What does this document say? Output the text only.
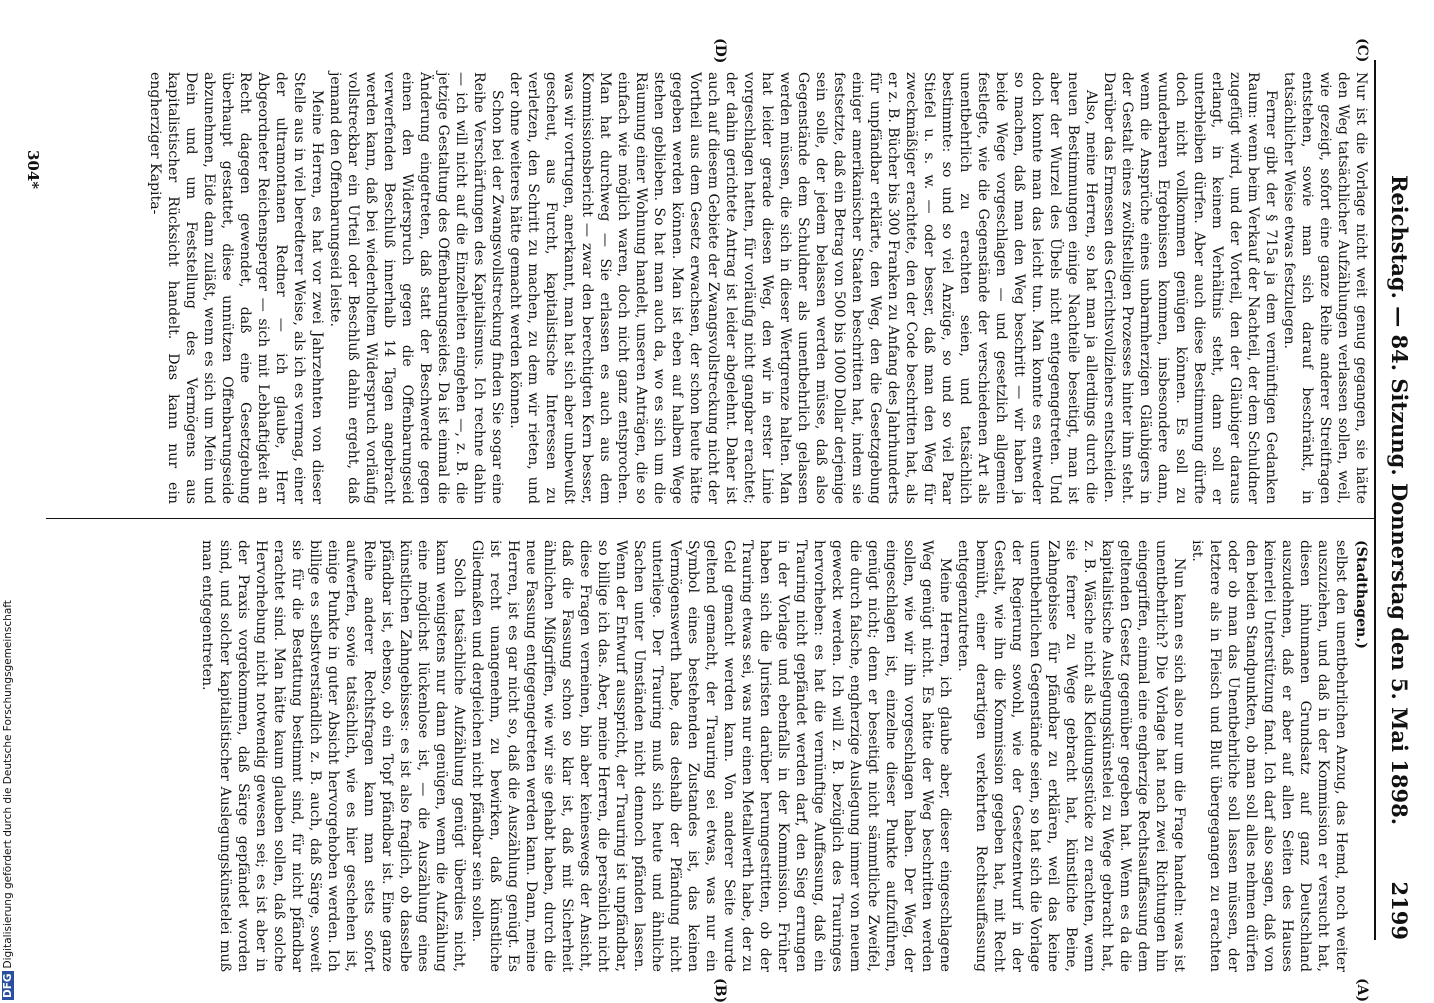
Reichstag. — 84. Sitzung. Donnerstag den 5. Mai 1898.
2199
(C)
(D)
(A)
(B)

Nur ist die Vorlage nicht weit genug gegangen, sie hätte den Weg tatsächlicher Aufzählungen verlassen sollen, weil, wie gezeigt, sofort eine ganze Reihe anderer Streitfragen entstehen, sowie man sich darauf beschränkt, in tatsächlicher Weise etwas festzulegen.

Ferner gibt der § 715a ja dem vernünftigen Gedanken Raum: wenn beim Verkauf der Nachteil, der dem Schuldner zugefügt wird, und der Vorteil, den der Gläubiger daraus erlangt, in keinem Verhältnis steht, dann soll er unterbleiben dürfen. Aber auch diese Bestimmung dürfte doch nicht vollkommen genügen können. Es soll zu wunderbaren Ergebnissen kommen, insbesondere dann, wenn die Ansprüche eines unbarmherzigen Gläubigers in der Gestalt eines zwölfstelligen Prozesses hinter ihm steht. Darüber das Ermessen des Gerichtsvollziehers entscheiden.

Also, meine Herren, so hat man ja allerdings durch die neuen Bestimmungen einige Nachteile beseitigt, man ist aber der Wurzel des Übels nicht entgegengetreten. Und doch konnte man das leicht tun. Man konnte es entweder so machen, daß man den Weg beschritt — wir haben ja beide Wege vorgeschlagen — und gesetzlich allgemein festlegte, wie die Gegenstände der verschiedenen Art als unentbehrlich zu erachten seien, und tatsächlich bestimmte: so und so viel Anzüge, so und so viel Paar Stiefel u. s. w. — oder besser, daß man den Weg für zweckmäßiger erachtete, den der Code beschritten hat, als er z. B. Bücher bis 300 Franken zu Anfang des Jahrhunderts für unpfändbar erklärte, den Weg, den die Gesetzgebung einiger amerikanischer Staaten beschritten hat, indem sie festsetzte, daß ein Betrag von 500 bis 1000 Dollar derjenige sein solle, der jedem belassen werden müsse, daß also Gegenstände dem Schuldner als unentbehrlich gelassen werden müssen, die sich in dieser Wertgrenze halten. Man hat leider gerade diesen Weg, den wir in erster Linie vorgeschlagen hatten, für vorläufig nicht gangbar erachtet; der dahin gerichtete Antrag ist leider abgelehnt. Daher ist auch auf diesem Gebiete der Zwangsvollstreckung nicht der Vortheil aus dem Gesetz erwachsen, der schon heute hätte gegeben werden können. Man ist eben auf halbem Wege stehen geblieben. So hat man auch da, wo es sich um die Räumung einer Wohnung handelt, unseren Anträgen, die so einfach wie möglich waren, doch nicht ganz entsprochen. Man hat durchweg — Sie erlassen es auch aus dem Kommissionsbericht — zwar den berechtigten Kern besser, was wir vortrugen, anerkannt, man hat sich aber unbewußt gescheut, aus Furcht, kapitalistische Interessen zu verletzen, den Schritt zu machen, zu dem wir rieten, und der ohne weiteres hätte gemacht werden können.

Schon bei der Zwangsvollstreckung finden Sie sogar eine Reihe Verschärfungen des Kapitalismus. Ich rechne dahin — ich will nicht auf die Einzelheiten eingehen —, z. B. die jetzige Gestaltung des Offenbarungseides. Da ist einmal die Änderung eingetreten, daß statt der Beschwerde gegen einen den Widerspruch gegen die Offenbarungseid verwerfenden Beschluß innerhalb 14 Tagen angebracht werden kann, daß bei wiederholtem Widerspruch vorläufig vollstreckbar ein Urteil oder Beschluß dahin ergeht, daß jemand den Offenbarungseid leiste.

Meine Herren, es hat vor zwei Jahrzehnten von dieser Stelle aus in viel beredterer Weise, als ich es vermag, einer der ultramontanen Redner — ich glaube, Herr Abgeordneter Reichensperger — sich mit Lebhaftigkeit an Recht dagegen gewendet, daß eine Gesetzgebung überhaupt gestattet, diese unnützen Offenbarungseide abzunehmen, Eide dann zuläßt, wenn es sich um Mein und Dein und um Feststellung des Vermögens aus kapitalistischer Rücksicht handelt. Das kann nur ein engherziger Kapita-

(Stadthagen.)

selbst den unentbehrlichen Anzug, das Hemd, noch weiter auszuziehen, und daß in der Kommission er versucht hat, diesen inhumanen Grundsatz auf ganz Deutschland auszudehnen, daß er aber auf allen Seiten des Hauses keinerlei Unterstützung fand. Ich darf also sagen, daß von den beiden Standpunkten, ob man soll alles nehmen dürfen oder ob man das Unentbehrliche soll lassen müssen, der letztere als in Fleisch und Blut übergegangen zu erachten ist.

Nun kann es sich also nur um die Frage handeln: was ist unentbehrlich? Die Vorlage hat nach zwei Richtungen hin eingegriffen, einmal eine engherzige Rechtsauffassung dem geltenden Gesetz gegenüber gegeben hat. Wenn es da die kapitalistische Auslegungskünstelei zu Wege gebracht hat, z. B. Wäsche nicht als Kleidungsstücke zu erachten, wenn sie ferner zu Wege gebracht hat, künstliche Beine, Zahngebisse für pfändbar zu erklären, weil das keine unentbehrlichen Gegenstände seien, so hat sich die Vorlage der Regierung sowohl, wie der Gesetzentwurf in der Gestalt, wie ihn die Kommission gegeben hat, mit Recht bemüht, einer derartigen verkehrten Rechtsauffassung entgegenzutreten.

Meine Herren, ich glaube aber, dieser eingeschlagene Weg genügt nicht. Es hätte der Weg beschritten werden sollen, wie wir ihn vorgeschlagen haben. Der Weg, der eingeschlagen ist, einzelne dieser Punkte aufzuführen, genügt nicht; denn er beseitigt nicht sämmtliche Zweifel, die durch falsche, engherzige Auslegung immer von neuem geweckt werden. Ich will z. B. bezüglich des Trauringes hervorheben: es hat die vernünftige Auffassung, daß ein Trauring nicht gepfändet werden darf, den Sieg errungen in der Vorlage und ebenfalls in der Kommission. Früher haben sich die Juristen darüber herumgestritten, ob der Trauring etwas sei, was nur einen Metallwerth habe, der zu Geld gemacht werden kann. Von anderer Seite wurde geltend gemacht, der Trauring sei etwas, was nur ein Symbol eines bestehenden Zustandes ist, das keinen Vermögenswerth habe, das deshalb der Pfändung nicht unterliege. Der Trauring muß sich heute und ähnliche Sachen unter Umständen nicht dennoch pfänden lassen. Wenn der Entwurf ausspricht, der Trauring ist unpfändbar, so billige ich das. Aber, meine Herren, die persönlich nicht diese Fragen verneinen, bin aber keineswegs der Ansicht, daß die Fassung schon so klar ist, daß mit Sicherheit ähnlichen Mißgriffen, wie wir sie gehabt haben, durch die neue Fassung entgegengetreten werden kann. Dann, meine Herren, ist es gar nicht so, daß die Auszählung genügt. Es ist recht unangenehm, zu bewirken, daß künstliche Gliedmaßen und dergleichen nicht pfändbar sein sollen.

Solch tatsächliche Aufzählung genügt überdies nicht, kann wenigstens nur dann genügen, wenn die Aufzählung eine möglichst lückenlose ist, — die Auszählung eines künstlichen Zahngebisses: es ist also fraglich, ob dasselbe pfändbar ist, ebenso, ob ein Topf pfändbar ist. Eine ganze Reihe anderer Rechtsfragen kann man stets sofort aufwerfen, sowie tatsächlich, wie es hier geschehen ist, einige Punkte in guter Absicht hervorgehoben werden. Ich billige es selbstverständlich z. B. auch, daß Särge, soweit sie für die Bestattung bestimmt sind, für nicht pfändbar erachtet sind. Man hätte kaum glauben sollen, daß solche Hervorhebung nicht notwendig gewesen sei; es ist aber in der Praxis vorgekommen, daß Särge gepfändet worden sind, und solcher kapitalistischer Auslegungskünstelei muß man entgegentreten.

304*
DFGDigitalisierung gefördert durch die Deutsche Forschungsgemeinschaft
